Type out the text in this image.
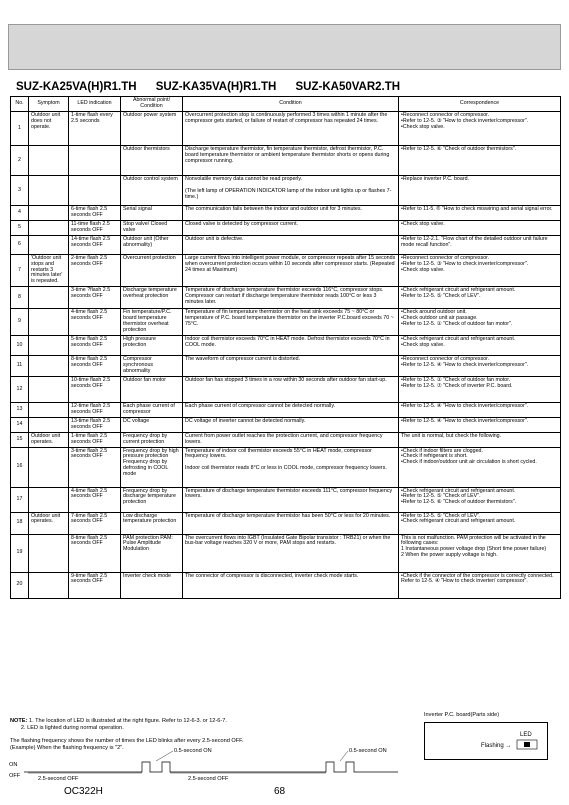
SUZ-KA25VA(H)R1.TH SUZ-KA35VA(H)R1.TH SUZ-KA50VAR2.TH
No.	Symptom	LED indication	Abnormal point/ Condition	Condition	Correspondence
1	Outdoor unit does not operate.	1-time flash every 2.5 seconds	Outdoor power system	Overcurrent protection stop is continuously performed 3 times within 1 minute after the compressor gets started, or failure of restart of compressor has repeated 24 times.	•Reconnect connector of compressor.
•Refer to 12-5. ③ "How to check inverter/compressor".
•Check stop valve.
2			Outdoor thermistors	Discharge temperature thermistor, fin temperature thermistor, defrost thermistor, P.C. board temperature thermistor or ambient temperature thermistor shorts or opens during compressor running.	•Refer to 12-5. ⑥ "Check of outdoor thermistors".
3			Outdoor control system	Nonvolatile memory data cannot be read properly.

(The left lamp of OPERATION INDICATOR lamp of the indoor unit lights up or flashes 7-time.)	•Replace inverter P.C. board.
4		6-time flash 2.5 seconds OFF	Serial signal	The communication fails between the indoor and outdoor unit for 3 minutes.	•Refer to 11-5. ® "How to check miswiring and serial signal error.
5		11-time flash 2.5 seconds OFF	Stop valve/ Closed valve	Closed valve is detected by compressor current.	•Check stop valve.
6		14-time flash 2.5 seconds OFF	Outdoor unit (Other abnormality)	Outdoor unit is defective.	•Refer to 12-2.1. "Flow chart of the detailed outdoor unit failure mode recall function".
7	'Outdoor unit stops and restarts 3 minutes later' is repeated.	2-time flash 2.5 seconds OFF	Overcurrent protection	Large current flows into intelligent power module, or compressor repeats after 15 seconds when overcurrent protection occurs within 10 seconds after compressor starts. (Repeated 24 times at Maximum)	•Reconnect connector of compressor.
•Refer to 12-5. ③ "How to check inverter/compressor".
•Check stop valve.
8		3-time ?flash 2.5 seconds OFF	Discharge temperature overheat protection	Temperature of discharge temperature thermistor exceeds 116°C, compressor stops. Compressor can restart if discharge temperature thermistor reads 100°C or less 3 minutes later.	•Check refrigerant circuit and refrigerant amount.
•Refer to 12-5. ⑤ "Check of LEV".
9		4-time flash 2.5 seconds OFF	Fin temperature/P.C. board temperature thermistor overheat protection	Temperature of fin temperature thermistor on the heat sink exceeds 75 ~ 80°C or temperature of P.C. board temperature thermistor on the inverter P.C.board exceeds 70 ~ 75°C.	•Check around outdoor unit.
•Check outdoor unit air passage.
•Refer to 12-5. ① "Check of outdoor fan motor".
10		5-time flash 2.5 seconds OFF	High pressure protection	Indoor coil thermistor exceeds 70°C in HEAT mode. Defrost thermistor exceeds 70°C in COOL mode.	•Check refrigerant circuit and refrigerant amount.
•Check stop valve.
11		8-time flash 2.5 seconds OFF	Compressor synchronous abnormality	The waveform of compressor current is distorted.	•Reconnect connector of compressor.
•Refer to 12-5. ④ "How to check inverter/compressor".
12		10-time flash 2.5 seconds OFF	Outdoor fan motor	Outdoor fan has stopped 3 times in a row within 30 seconds after outdoor fan start-up.	•Refer to 12-5. ① "Check of outdoor fan motor.
•Refer to 12-5. ⑦ "Check of inverter P.C. board.
13		12-time flash 2.5 seconds OFF	Each phase current of compressor	Each phase current of compressor cannot be detected normally.	•Refer to 12-5. ④ "How to check inverter/compressor".
14		13-time flash 2.5 seconds OFF	DC voltage	DC voltage of inverter cannot be detected normally.	•Refer to 12-5. ④ "How to check inverter/compressor".
15	Outdoor unit operates.	1-time flash 2.5 seconds OFF	Frequency drop by current protection	Current from power outlet reaches the protection current, and compressor frequency lowers.	The unit is normal, but check the following.
16		3-time flash 2.5 seconds OFF	Frequency drop by high pressure protection
Frequency drop by defrosting in COOL mode	Temperature of indoor coil thermistor exceeds 55°C in HEAT mode, compressor frequency lowers.

Indoor coil thermistor reads 8°C or less in COOL mode, compressor frequency lowers.	•Check if indoor filters are clogged.
•Check if refrigerant is short.
•Check if indoor/outdoor unit air circulation is short cycled.
17		4-time flash 2.5 seconds OFF	Frequency drop by discharge temperature protection	Temperature of discharge temperature thermistor exceeds 111°C, compressor frequency lowers.	•Check refrigerant circuit and refrigerant amount.
•Refer to 12-5. ⑤ "Check of LEV".
•Refer to 12-5. ⑥ "Check of outdoor thermistors".
18	Outdoor unit operates.	7-time flash 2.5 seconds OFF	Low discharge temperature protection	Temperature of discharge temperature thermistor has been 50°C or less for 20 minutes.	•Refer to 12-5. ⑤ "Check of LEV".
•Check refrigerant circuit and refrigerant amount.
19		8-time flash 2.5 seconds OFF	PAM protection PAM: Pulse Amplitude Modulation	The overcurrent flows into IGBT (Insulated Gate Bipolar transistor : TRB21) or when the bus-bar voltage reaches 320 V or more, PAM stops and restarts.	This is not malfunction. PAM protection will be activated in the following cases:
1 Instantaneous power voltage drop (Short time power failure)
2 When the power supply voltage is high.
20		9-time flash 2.5 seconds OFF	Inverter check mode	The connector of compressor is disconnected, inverter check mode starts.	•Check if the connector of the compressor is correctly connected. Refer to 12-5. ④ "How to check inverter/ compressor".
NOTE: 1. The location of LED is illustrated at the right figure. Refer to 12-6-3. or 12-6-7.
2. LED is lighted during normal operation.
The flashing frequency shows the number of times the LED blinks after every 2.5-second OFF.
(Example) When the flashing frequency is "2".
Inverter P.C. board(Parts side)
LED
Flashing →
ON
OFF	2.5-second OFF	2.5-second OFF
0.5-second ON	0.5-second ON
OC322H	68
